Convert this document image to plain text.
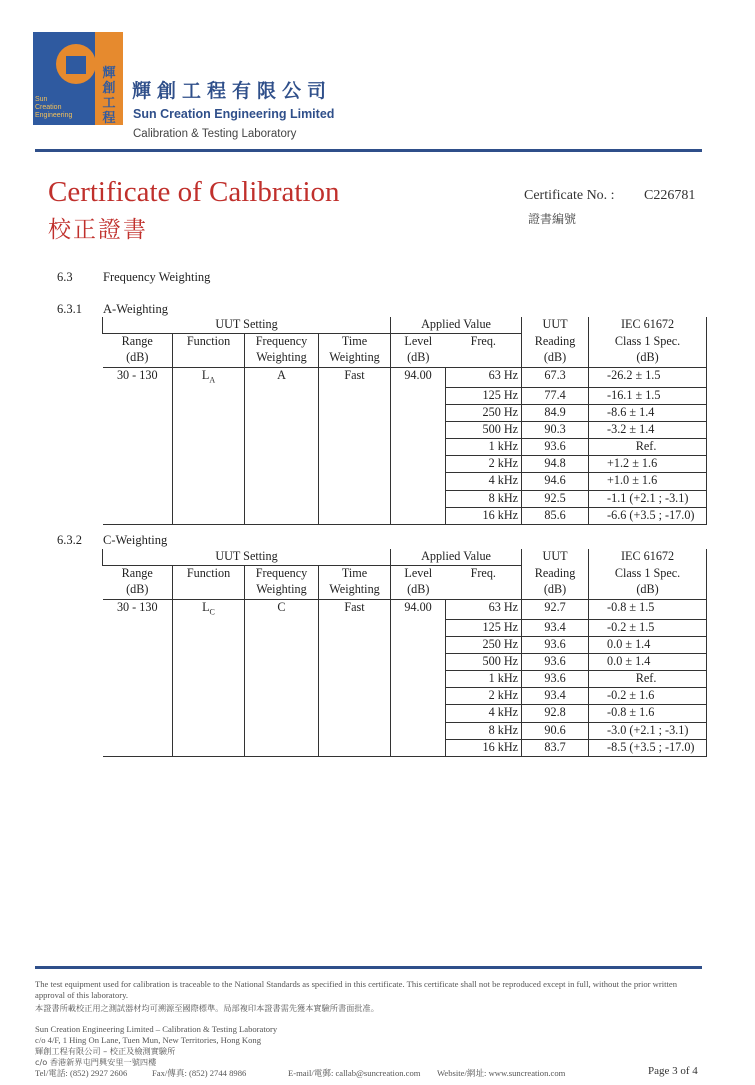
Sun
Creation
Engineering
輝
創
工
程
輝創工程有限公司
Sun Creation Engineering Limited
Calibration & Testing Laboratory
Certificate of Calibration
校正證書
Certificate No. : C226781
證書編號
6.3 Frequency Weighting
6.3.1 A-Weighting
6.3.2 C-Weighting
UUT Setting				Applied Value		UUT	IEC 61672
Range	Function	Frequency	Time	Level	Freq.	Reading	Class 1 Spec.
(dB)		Weighting	Weighting	(dB)		(dB)	(dB)
30 - 130	$L_A$	A	Fast	94.00	63 Hz	67.3	-26.2 ± 1.5
					125 Hz	77.4	-16.1 ± 1.5
					250 Hz	84.9	-8.6 ± 1.4
					500 Hz	90.3	-3.2 ± 1.4
					1 kHz	93.6	Ref.
					2 kHz	94.8	+1.2 ± 1.6
					4 kHz	94.6	+1.0 ± 1.6
					8 kHz	92.5	-1.1 (+2.1 ; -3.1)
					16 kHz	85.6	-6.6 (+3.5 ; -17.0)
UUT Setting				Applied Value		UUT	IEC 61672
Range	Function	Frequency	Time	Level	Freq.	Reading	Class 1 Spec.
(dB)		Weighting	Weighting	(dB)		(dB)	(dB)
30 - 130	$L_C$	C	Fast	94.00	63 Hz	92.7	-0.8 ± 1.5
					125 Hz	93.4	-0.2 ± 1.5
					250 Hz	93.6	0.0 ± 1.4
					500 Hz	93.6	0.0 ± 1.4
					1 kHz	93.6	Ref.
					2 kHz	93.4	-0.2 ± 1.6
					4 kHz	92.8	-0.8 ± 1.6
					8 kHz	90.6	-3.0 (+2.1 ; -3.1)
					16 kHz	83.7	-8.5 (+3.5 ; -17.0)
The test equipment used for calibration is traceable to the National Standards as specified in this certificate. This certificate shall not be reproduced except in full, without the prior written approval of this laboratory.
本證書所載校正用之測試器材均可溯源至國際標準。局部複印本證書需先獲本實驗所書面批准。
Sun Creation Engineering Limited – Calibration & Testing Laboratory
c/o 4/F, 1 Hing On Lane, Tuen Mun, New Territories, Hong Kong
輝創工程有限公司 – 校正及檢測實驗所
c/o 香港新界屯門興安里一號四樓
Tel/電話: (852) 2927 2606	Fax/傳真: (852) 2744 8986	E-mail/電郵: callab@suncreation.com Website/網址: www.suncreation.com	Page 3 of 4
